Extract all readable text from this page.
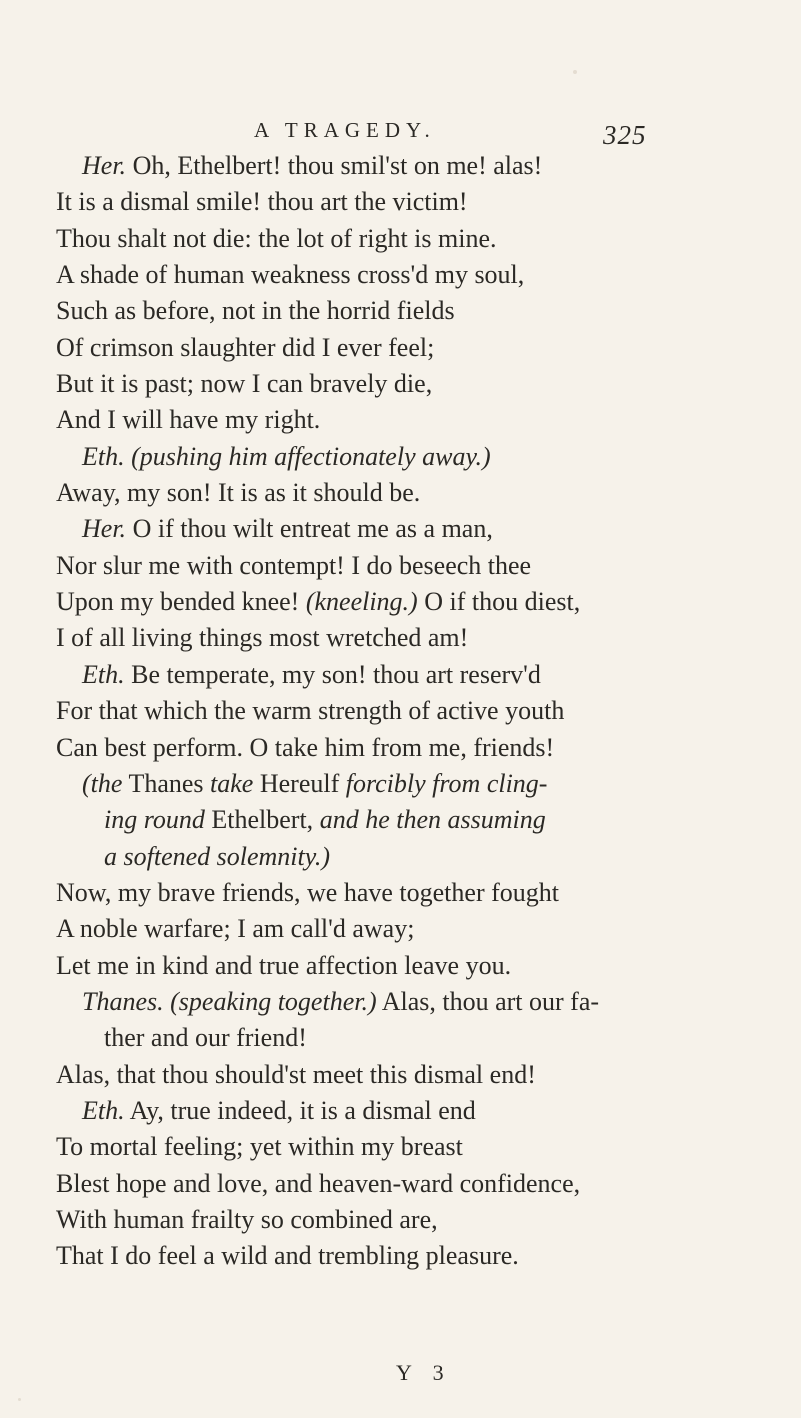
A TRAGEDY.	325
Her. Oh, Ethelbert! thou smil'st on me! alas!
It is a dismal smile! thou art the victim!
Thou shalt not die: the lot of right is mine.
A shade of human weakness cross'd my soul,
Such as before, not in the horrid fields
Of crimson slaughter did I ever feel;
But it is past; now I can bravely die,
And I will have my right.
Eth. (pushing him affectionately away.)
Away, my son! It is as it should be.
Her. O if thou wilt entreat me as a man,
Nor slur me with contempt! I do beseech thee
Upon my bended knee! (kneeling.) O if thou diest,
I of all living things most wretched am!
Eth. Be temperate, my son! thou art reserv'd
For that which the warm strength of active youth
Can best perform. O take him from me, friends!
(the Thanes take Hereulf forcibly from cling-
ing round Ethelbert, and he then assuming
a softened solemnity.)
Now, my brave friends, we have together fought
A noble warfare; I am call'd away;
Let me in kind and true affection leave you.
Thanes. (speaking together.) Alas, thou art our fa-
ther and our friend!
Alas, that thou should'st meet this dismal end!
Eth. Ay, true indeed, it is a dismal end
To mortal feeling; yet within my breast
Blest hope and love, and heaven-ward confidence,
With human frailty so combined are,
That I do feel a wild and trembling pleasure.
Y 3
